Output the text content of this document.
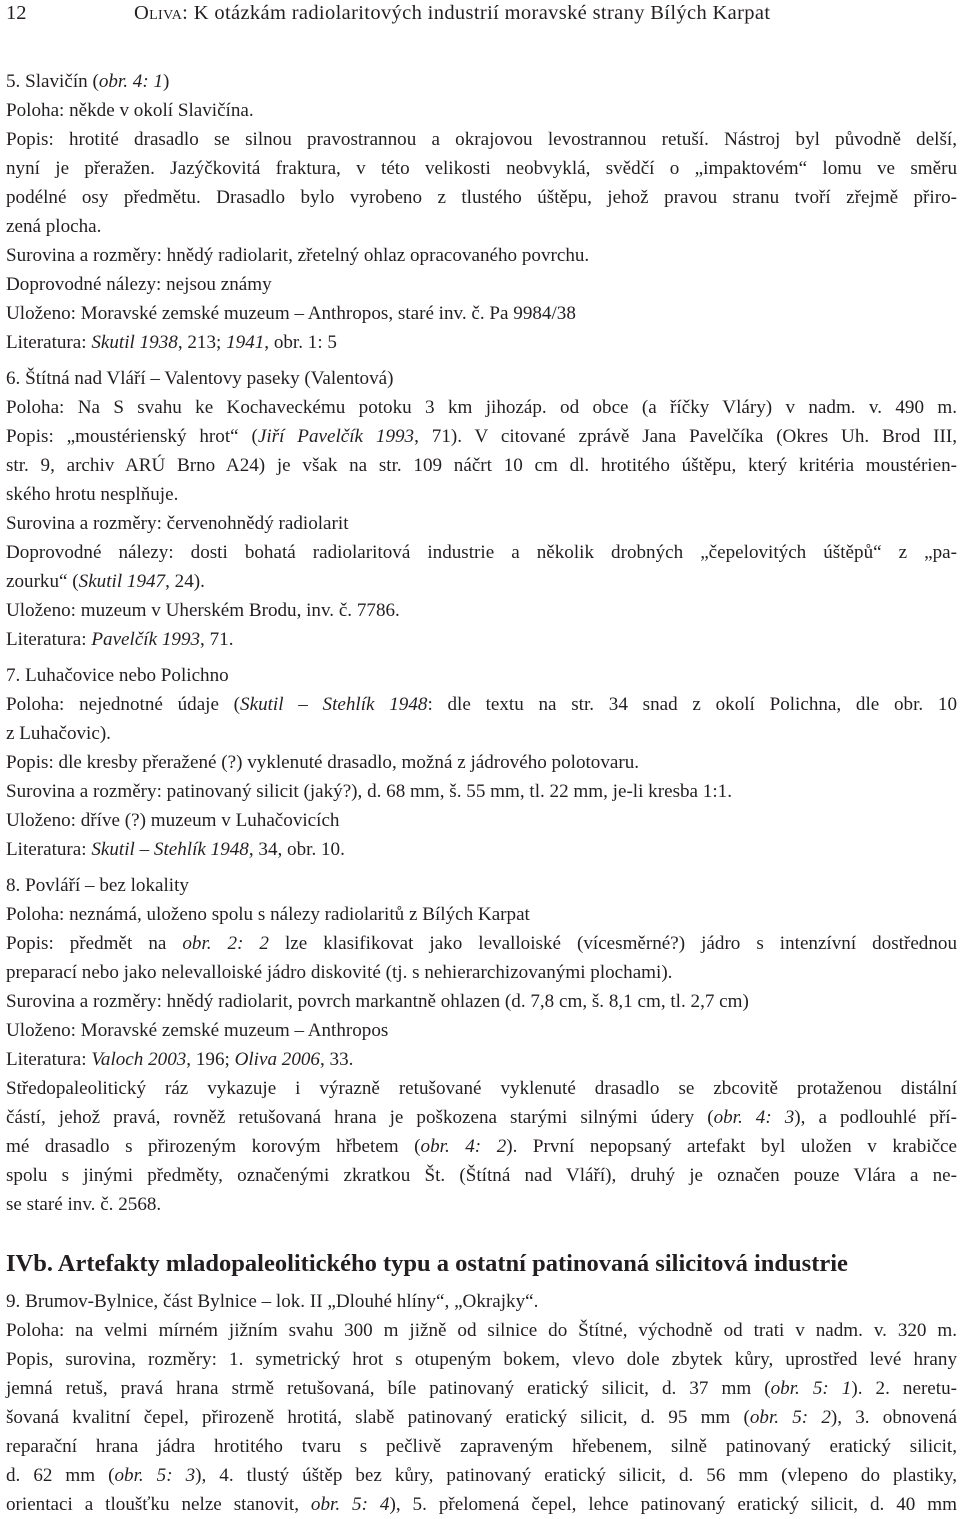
12	Oliva: K otázkám radiolaritových industrií moravské strany Bílých Karpat
5. Slavičín (obr. 4: 1)
Poloha: někde v okolí Slavičína.
Popis: hrotité drasadlo se silnou pravostrannou a okrajovou levostrannou retuší. Nástroj byl původně delší,
nyní je přeražen. Jazýčkovitá fraktura, v této velikosti neobvyklá, svědčí o „impaktovém“ lomu ve směru
podélné osy předmětu. Drasadlo bylo vyrobeno z tlustého úštěpu, jehož pravou stranu tvoří zřejmě přiro-
zená plocha.
Surovina a rozměry: hnědý radiolarit, zřetelný ohlaz opracovaného povrchu.
Doprovodné nálezy: nejsou známy
Uloženo: Moravské zemské muzeum – Anthropos, staré inv. č. Pa 9984/38
Literatura: Skutil 1938, 213; 1941, obr. 1: 5
6. Štítná nad Vláří – Valentovy paseky (Valentová)
Poloha: Na S svahu ke Kochaveckému potoku 3 km jihozáp. od obce (a říčky Vláry) v nadm. v. 490 m.
Popis: „moustérienský hrot“ (Jiří Pavelčík 1993, 71). V citované zprávě Jana Pavelčíka (Okres Uh. Brod III,
str. 9, archiv ARÚ Brno A24) je však na str. 109 náčrt 10 cm dl. hrotitého úštěpu, který kritéria moustérien-
ského hrotu nesplňuje.
Surovina a rozměry: červenohnědý radiolarit
Doprovodné nálezy: dosti bohatá radiolaritová industrie a několik drobných „čepelovitých úštěpů“ z „pa-
zourku“ (Skutil 1947, 24).
Uloženo: muzeum v Uherském Brodu, inv. č. 7786.
Literatura: Pavelčík 1993, 71.
7. Luhačovice nebo Polichno
Poloha: nejednotné údaje (Skutil – Stehlík 1948: dle textu na str. 34 snad z okolí Polichna, dle obr. 10
z Luhačovic).
Popis: dle kresby přeražené (?) vyklenuté drasadlo, možná z jádrového polotovaru.
Surovina a rozměry: patinovaný silicit (jaký?), d. 68 mm, š. 55 mm, tl. 22 mm, je-li kresba 1:1.
Uloženo: dříve (?) muzeum v Luhačovicích
Literatura: Skutil – Stehlík 1948, 34, obr. 10.
8. Povláří – bez lokality
Poloha: neznámá, uloženo spolu s nálezy radiolaritů z Bílých Karpat
Popis: předmět na obr. 2: 2 lze klasifikovat jako levalloiské (vícesměrné?) jádro s intenzívní dostřednou
preparací nebo jako nelevalloiské jádro diskovité (tj. s nehierarchizovanými plochami).
Surovina a rozměry: hnědý radiolarit, povrch markantně ohlazen (d. 7,8 cm, š. 8,1 cm, tl. 2,7 cm)
Uloženo: Moravské zemské muzeum – Anthropos
Literatura: Valoch 2003, 196; Oliva 2006, 33.
Středopaleolitický ráz vykazuje i výrazně retušované vyklenuté drasadlo se zbcovitě protaženou distální
částí, jehož pravá, rovněž retušovaná hrana je poškozena starými silnými údery (obr. 4: 3), a podlouhlé pří-
mé drasadlo s přirozeným korovým hřbetem (obr. 4: 2). První nepopsaný artefakt byl uložen v krabičce
spolu s jinými předměty, označenými zkratkou Št. (Štítná nad Vláří), druhý je označen pouze Vlára a ne-
se staré inv. č. 2568.
IVb. Artefakty mladopaleolitického typu a ostatní patinovaná silicitová industrie
9. Brumov-Bylnice, část Bylnice – lok. II „Dlouhé hlíny“, „Okrajky“.
Poloha: na velmi mírném jižním svahu 300 m jižně od silnice do Štítné, východně od trati v nadm. v. 320 m.
Popis, surovina, rozměry: 1. symetrický hrot s otupeným bokem, vlevo dole zbytek kůry, uprostřed levé hrany
jemná retuš, pravá hrana strmě retušovaná, bíle patinovaný eratický silicit, d. 37 mm (obr. 5: 1). 2. neretu-
šovaná kvalitní čepel, přirozeně hrotitá, slabě patinovaný eratický silicit, d. 95 mm (obr. 5: 2), 3. obnovená
reparační hrana jádra hrotitého tvaru s pečlivě zapraveným hřebenem, silně patinovaný eratický silicit,
d. 62 mm (obr. 5: 3), 4. tlustý úštěp bez kůry, patinovaný eratický silicit, d. 56 mm (vlepeno do plastiky,
orientaci a tloušťku nelze stanovit, obr. 5: 4), 5. přelomená čepel, lehce patinovaný eratický silicit, d. 40 mm
